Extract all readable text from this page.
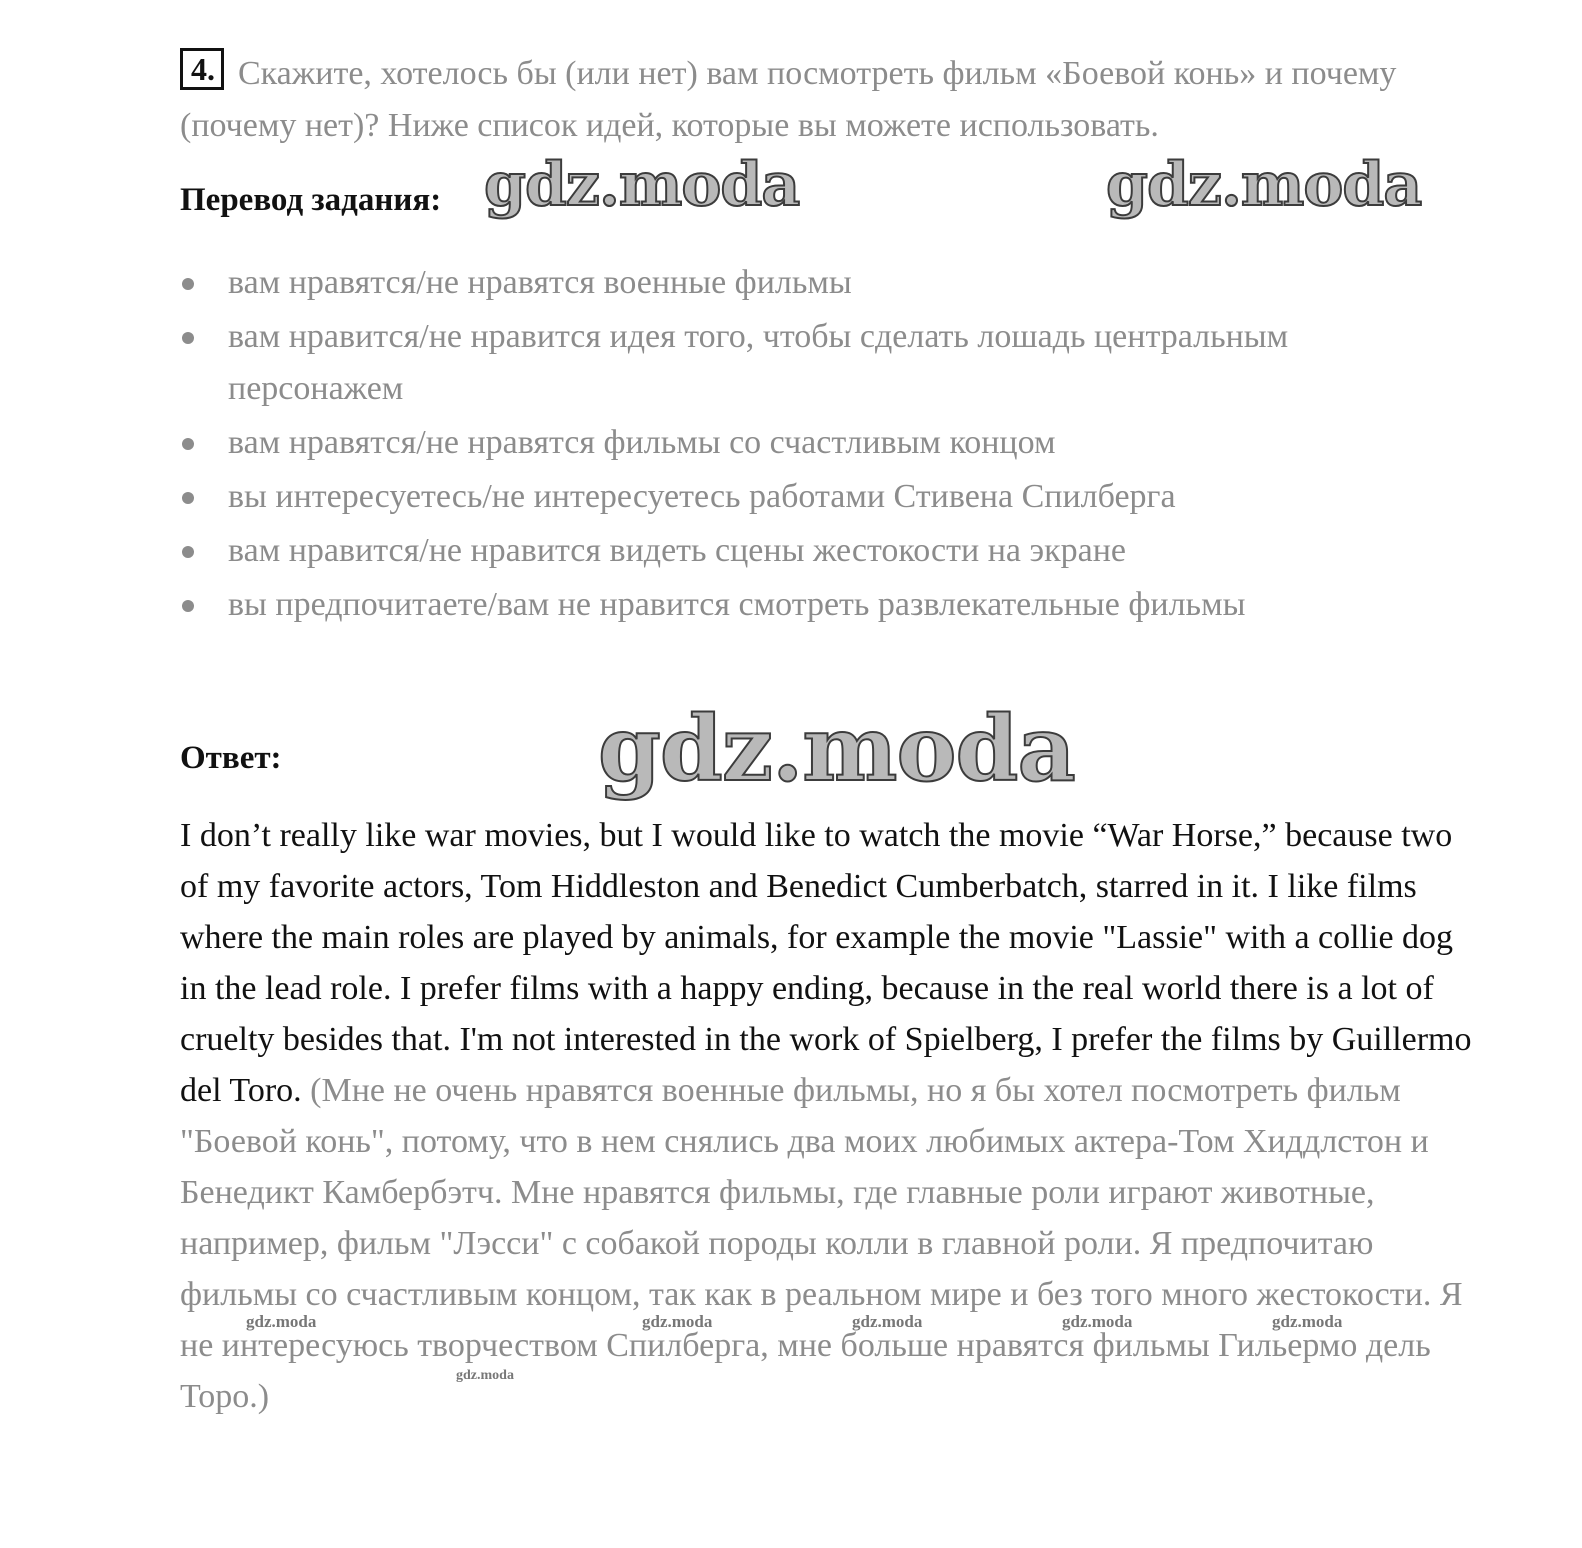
4. Скажите, хотелось бы (или нет) вам посмотреть фильм «Боевой конь» и почему (почему нет)? Ниже список идей, которые вы можете использовать.
Перевод задания: gdz.moda	gdz.moda
вам нравятся/не нравятся военные фильмы
вам нравится/не нравится идея того, чтобы сделать лошадь центральным персонажем
вам нравятся/не нравятся фильмы со счастливым концом
вы интересуетесь/не интересуетесь работами Стивена Спилберга
вам нравится/не нравится видеть сцены жестокости на экране
вы предпочитаете/вам не нравится смотреть развлекательные фильмы
Ответ:	gdz.moda
I don’t really like war movies, but I would like to watch the movie “War Horse,” because two of my favorite actors, Tom Hiddleston and Benedict Cumberbatch, starred in it. I like films where the main roles are played by animals, for example the movie "Lassie" with a collie dog in the lead role. I prefer films with a happy ending, because in the real world there is a lot of cruelty besides that. I'm not interested in the work of Spielberg, I prefer the films by Guillermo del Toro. (Мне не очень нравятся военные фильмы, но я бы хотел посмотреть фильм "Боевой конь", потому, что в нем снялись два моих любимых актера-Том Хиддлстон и Бенедикт Камбербэтч. Мне нравятся фильмы, где главные роли играют животные, например, фильм "Лэсси" с собакой породы колли в главной роли. Я предпочитаю фильмы со счастливым концом, так как в реальном мире и без того много жестокости. Я не интересуюсь творчеством Спилберга, мне больше нравятся фильмы Гильермо дель Торо.)
gdz.moda	gdz.moda	gdz.moda	gdz.moda	gdz.moda
gdz.moda
